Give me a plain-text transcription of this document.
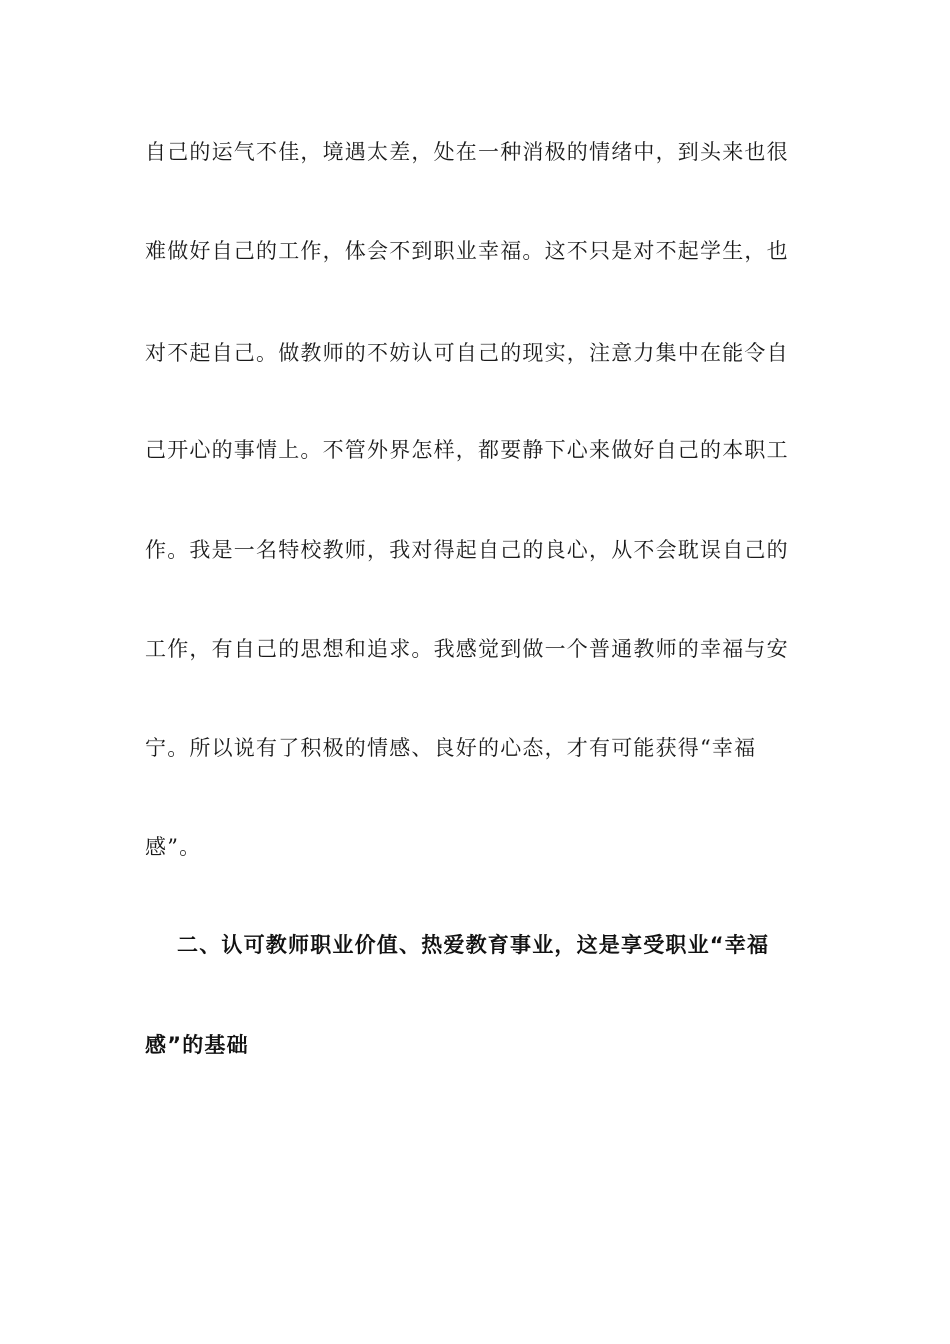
自己的运气不佳，境遇太差，处在一种消极的情绪中，到头来也很
难做好自己的工作，体会不到职业幸福。这不只是对不起学生，也
对不起自己。做教师的不妨认可自己的现实，注意力集中在能令自
己开心的事情上。不管外界怎样，都要静下心来做好自己的本职工
作。我是一名特校教师，我对得起自己的良心，从不会耽误自己的
工作，有自己的思想和追求。我感觉到做一个普通教师的幸福与安
宁。所以说有了积极的情感、良好的心态，才有可能获得“幸福
感”。
二、认可教师职业价值、热爱教育事业，这是享受职业“幸福
感”的基础
